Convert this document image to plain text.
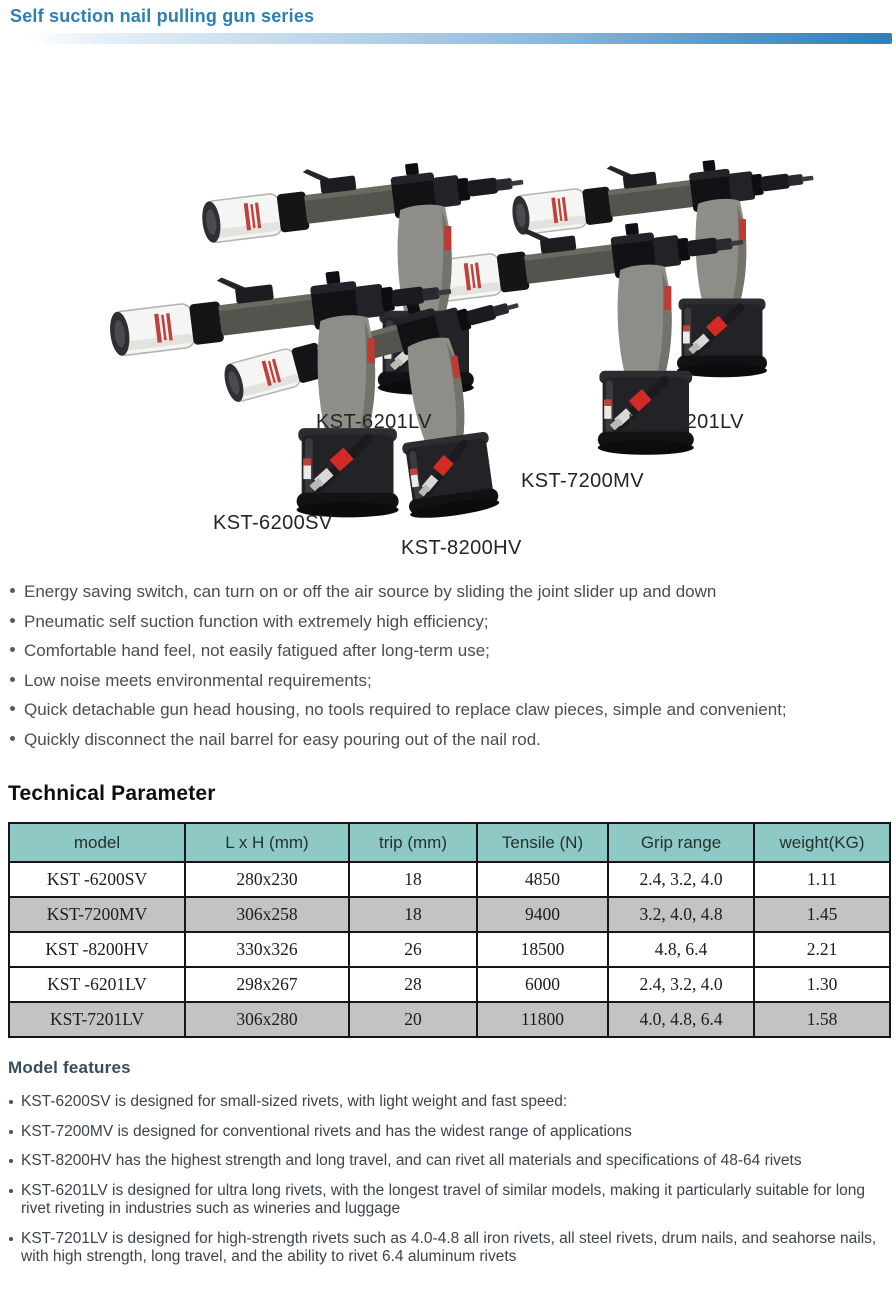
Self suction nail pulling gun series
KST-6201LV	KST-7201LV
KST-7200MV
KST-6200SV
KST-8200HV
Energy saving switch, can turn on or off the air source by sliding the joint slider up and down
Pneumatic self suction function with extremely high efficiency;
Comfortable hand feel, not easily fatigued after long-term use;
Low noise meets environmental requirements;
Quick detachable gun head housing, no tools required to replace claw pieces, simple and convenient;
Quickly disconnect the nail barrel for easy pouring out of the nail rod.
Technical Parameter
model	L x H (mm)	trip (mm)	Tensile (N)	Grip range	weight(KG)
KST -6200SV	280x230	18	4850	2.4, 3.2, 4.0	1.11
KST-7200MV	306x258	18	9400	3.2, 4.0, 4.8	1.45
KST -8200HV	330x326	26	18500	4.8, 6.4	2.21
KST -6201LV	298x267	28	6000	2.4, 3.2, 4.0	1.30
KST-7201LV	306x280	20	11800	4.0, 4.8, 6.4	1.58
Model features
KST-6200SV is designed for small-sized rivets, with light weight and fast speed:
KST-7200MV is designed for conventional rivets and has the widest range of applications
KST-8200HV has the highest strength and long travel, and can rivet all materials and specifications of 48-64 rivets
KST-6201LV is designed for ultra long rivets, with the longest travel of similar models, making it particularly suitable for long rivet riveting in industries such as wineries and luggage
KST-7201LV is designed for high-strength rivets such as 4.0-4.8 all iron rivets, all steel rivets, drum nails, and seahorse nails, with high strength, long travel, and the ability to rivet 6.4 aluminum rivets
